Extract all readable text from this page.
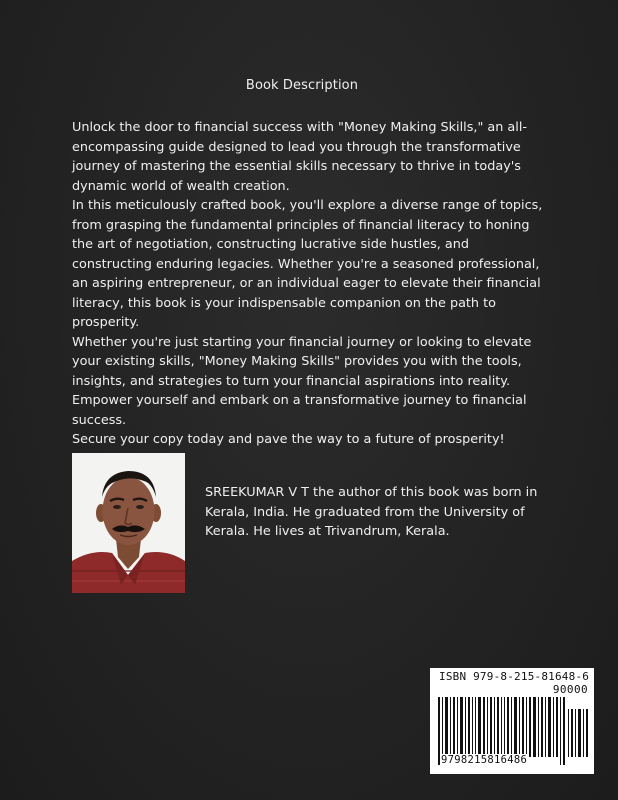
Book Description

Unlock the door to financial success with "Money Making Skills," an all-encompassing guide designed to lead you through the transformative journey of mastering the essential skills necessary to thrive in today's dynamic world of wealth creation.

In this meticulously crafted book, you'll explore a diverse range of topics, from grasping the fundamental principles of financial literacy to honing the art of negotiation, constructing lucrative side hustles, and constructing enduring legacies. Whether you're a seasoned professional, an aspiring entrepreneur, or an individual eager to elevate their financial literacy, this book is your indispensable companion on the path to prosperity.

Whether you're just starting your financial journey or looking to elevate your existing skills, "Money Making Skills" provides you with the tools, insights, and strategies to turn your financial aspirations into reality. Empower yourself and embark on a transformative journey to financial success.

Secure your copy today and pave the way to a future of prosperity!

SREEKUMAR V T the author of this book was born in Kerala, India. He graduated from the University of Kerala. He lives at Trivandrum, Kerala.
ISBN 979-8-215-81648-6
90000
9798215816486
